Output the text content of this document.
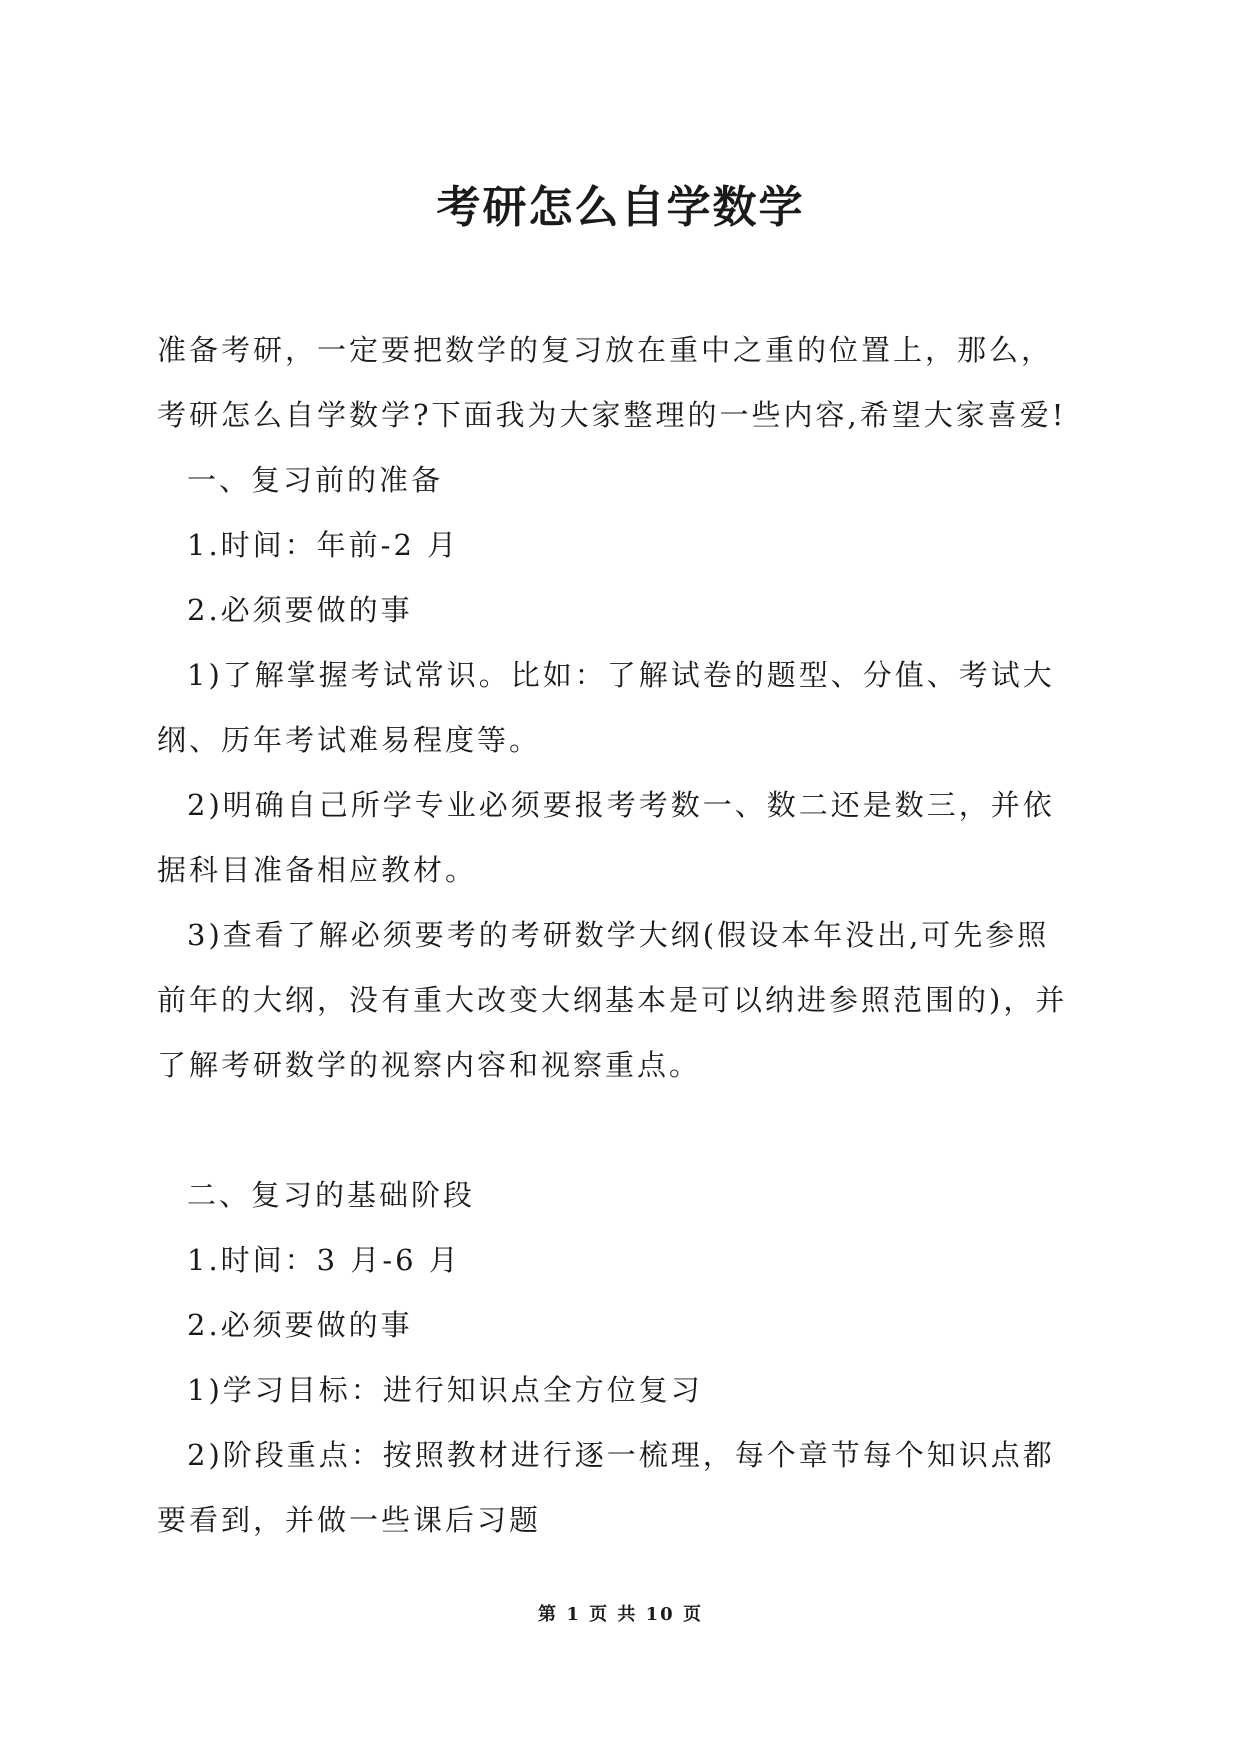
考研怎么自学数学

准备考研，一定要把数学的复习放在重中之重的位置上，那么，

考研怎么自学数学?下面我为大家整理的一些内容,希望大家喜爱!

一、复习前的准备

1.时间：年前-2 月

2.必须要做的事

1)了解掌握考试常识。比如：了解试卷的题型、分值、考试大

纲、历年考试难易程度等。

2)明确自己所学专业必须要报考考数一、数二还是数三，并依

据科目准备相应教材。

3)查看了解必须要考的考研数学大纲(假设本年没出,可先参照

前年的大纲，没有重大改变大纲基本是可以纳进参照范围的)，并

了解考研数学的视察内容和视察重点。

二、复习的基础阶段

1.时间：3 月-6 月

2.必须要做的事

1)学习目标：进行知识点全方位复习

2)阶段重点：按照教材进行逐一梳理，每个章节每个知识点都

要看到，并做一些课后习题

第 1 页 共 10 页
